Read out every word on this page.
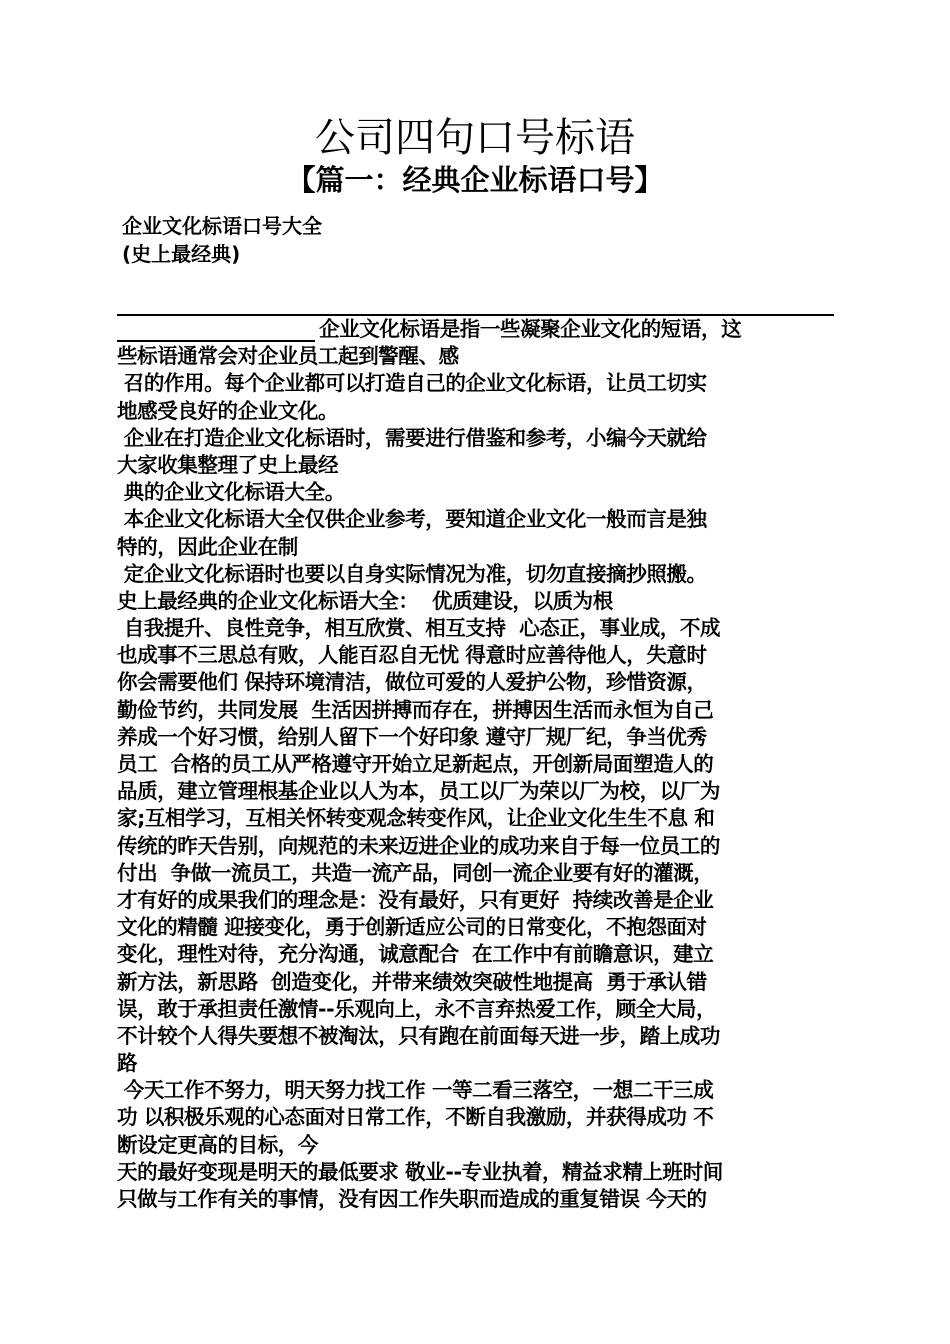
公司四句口号标语
【篇一：经典企业标语口号】
企业文化标语口号大全
(史上最经典)
企业文化标语是指一些凝聚企业文化的短语，这
些标语通常会对企业员工起到警醒、感
召的作用。每个企业都可以打造自己的企业文化标语，让员工切实
地感受良好的企业文化。
企业在打造企业文化标语时，需要进行借鉴和参考，小编今天就给
大家收集整理了史上最经
典的企业文化标语大全。
本企业文化标语大全仅供企业参考，要知道企业文化一般而言是独
特的，因此企业在制
定企业文化标语时也要以自身实际情况为准，切勿直接摘抄照搬。
史上最经典的企业文化标语大全：  优质建设，以质为根
自我提升、良性竞争，相互欣赏、相互支持  心态正，事业成，不成
也成事不三思总有败，人能百忍自无忧 得意时应善待他人，失意时
你会需要他们 保持环境清洁，做位可爱的人爱护公物，珍惜资源，
勤俭节约，共同发展  生活因拼搏而存在，拼搏因生活而永恒为自己
养成一个好习惯，给别人留下一个好印象 遵守厂规厂纪，争当优秀
员工  合格的员工从严格遵守开始立足新起点，开创新局面塑造人的
品质，建立管理根基企业以人为本，员工以厂为荣以厂为校，以厂为
家;互相学习，互相关怀转变观念转变作风，让企业文化生生不息 和
传统的昨天告别，向规范的未来迈进企业的成功来自于每一位员工的
付出  争做一流员工，共造一流产品，同创一流企业要有好的灌溉，
才有好的成果我们的理念是：没有最好，只有更好  持续改善是企业
文化的精髓 迎接变化，勇于创新适应公司的日常变化，不抱怨面对
变化，理性对待，充分沟通，诚意配合  在工作中有前瞻意识，建立
新方法，新思路  创造变化，并带来绩效突破性地提高  勇于承认错
误，敢于承担责任激情--乐观向上，永不言弃热爱工作，顾全大局，
不计较个人得失要想不被淘汰，只有跑在前面每天进一步，踏上成功
路
今天工作不努力，明天努力找工作 一等二看三落空，一想二干三成
功 以积极乐观的心态面对日常工作，不断自我激励，并获得成功 不
断设定更高的目标，今
天的最好变现是明天的最低要求 敬业--专业执着，精益求精上班时间
只做与工作有关的事情，没有因工作失职而造成的重复错误 今天的
